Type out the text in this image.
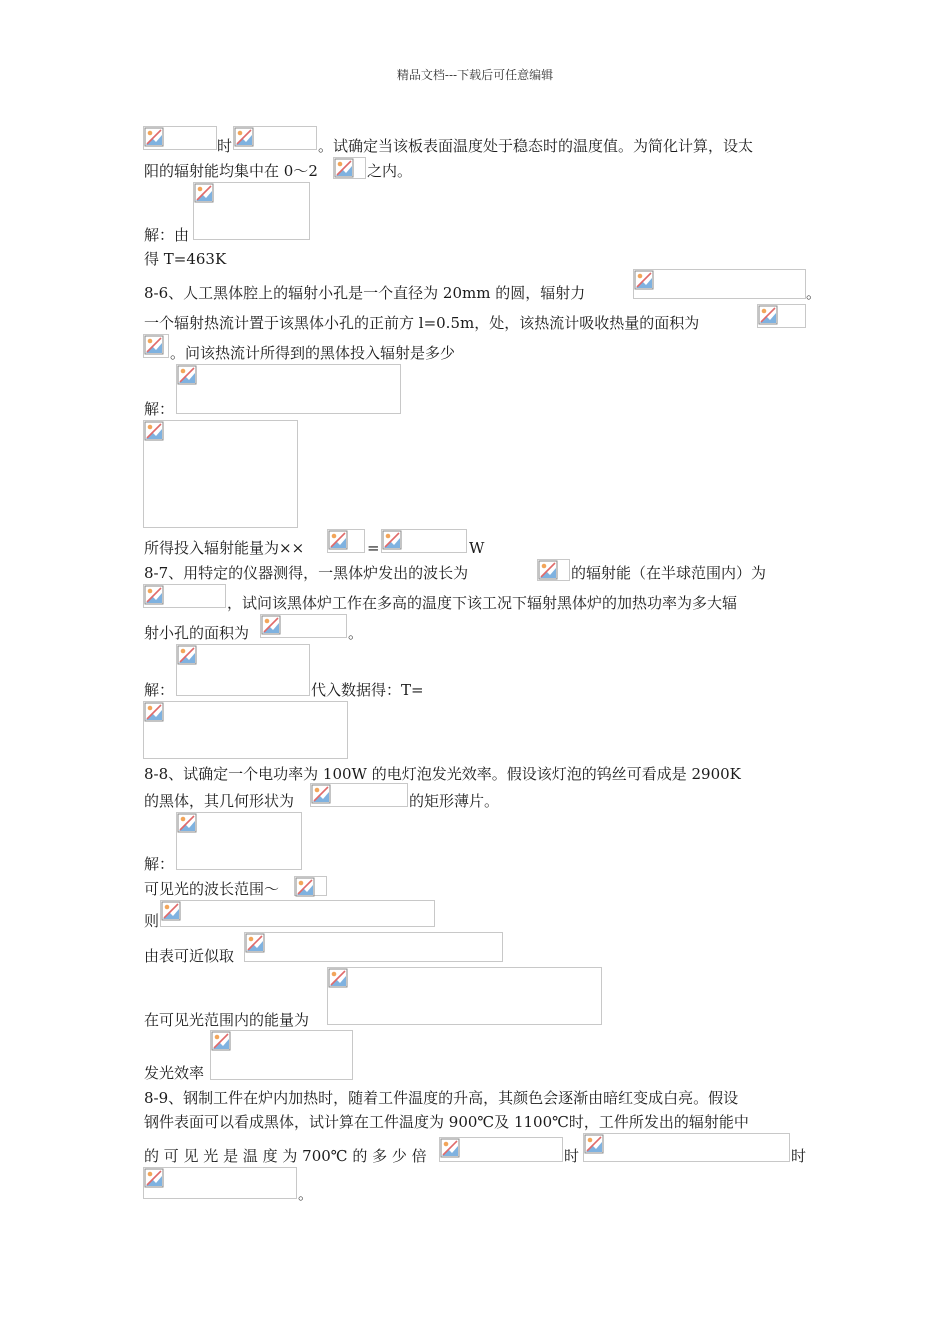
精品文档---下载后可任意编辑
时	。试确定当该板表面温度处于稳态时的温度值。为简化计算，设太
阳的辐射能均集中在 0～2	之内。
解：由
得 T=463K
8-6、人工黑体腔上的辐射小孔是一个直径为 20mm 的圆，辐射力	。
一个辐射热流计置于该黑体小孔的正前方 l=0.5m，处，该热流计吸收热量的面积为
。问该热流计所得到的黑体投入辐射是多少
解：
所得投入辐射能量为××	=	W
8-7、用特定的仪器测得，一黑体炉发出的波长为	的辐射能（在半球范围内）为
，试问该黑体炉工作在多高的温度下该工况下辐射黑体炉的加热功率为多大辐
射小孔的面积为	。
解：	代入数据得：T=
8-8、试确定一个电功率为 100W 的电灯泡发光效率。假设该灯泡的钨丝可看成是 2900K
的黑体，其几何形状为	的矩形薄片。
解：
可见光的波长范围～
则
由表可近似取
在可见光范围内的能量为
发光效率
8-9、钢制工件在炉内加热时，随着工件温度的升高，其颜色会逐渐由暗红变成白亮。假设
钢件表面可以看成黑体，试计算在工件温度为 900℃及 1100℃时，工件所发出的辐射能中
的 可 见 光 是 温 度 为 700℃ 的 多 少 倍	时	时
。
